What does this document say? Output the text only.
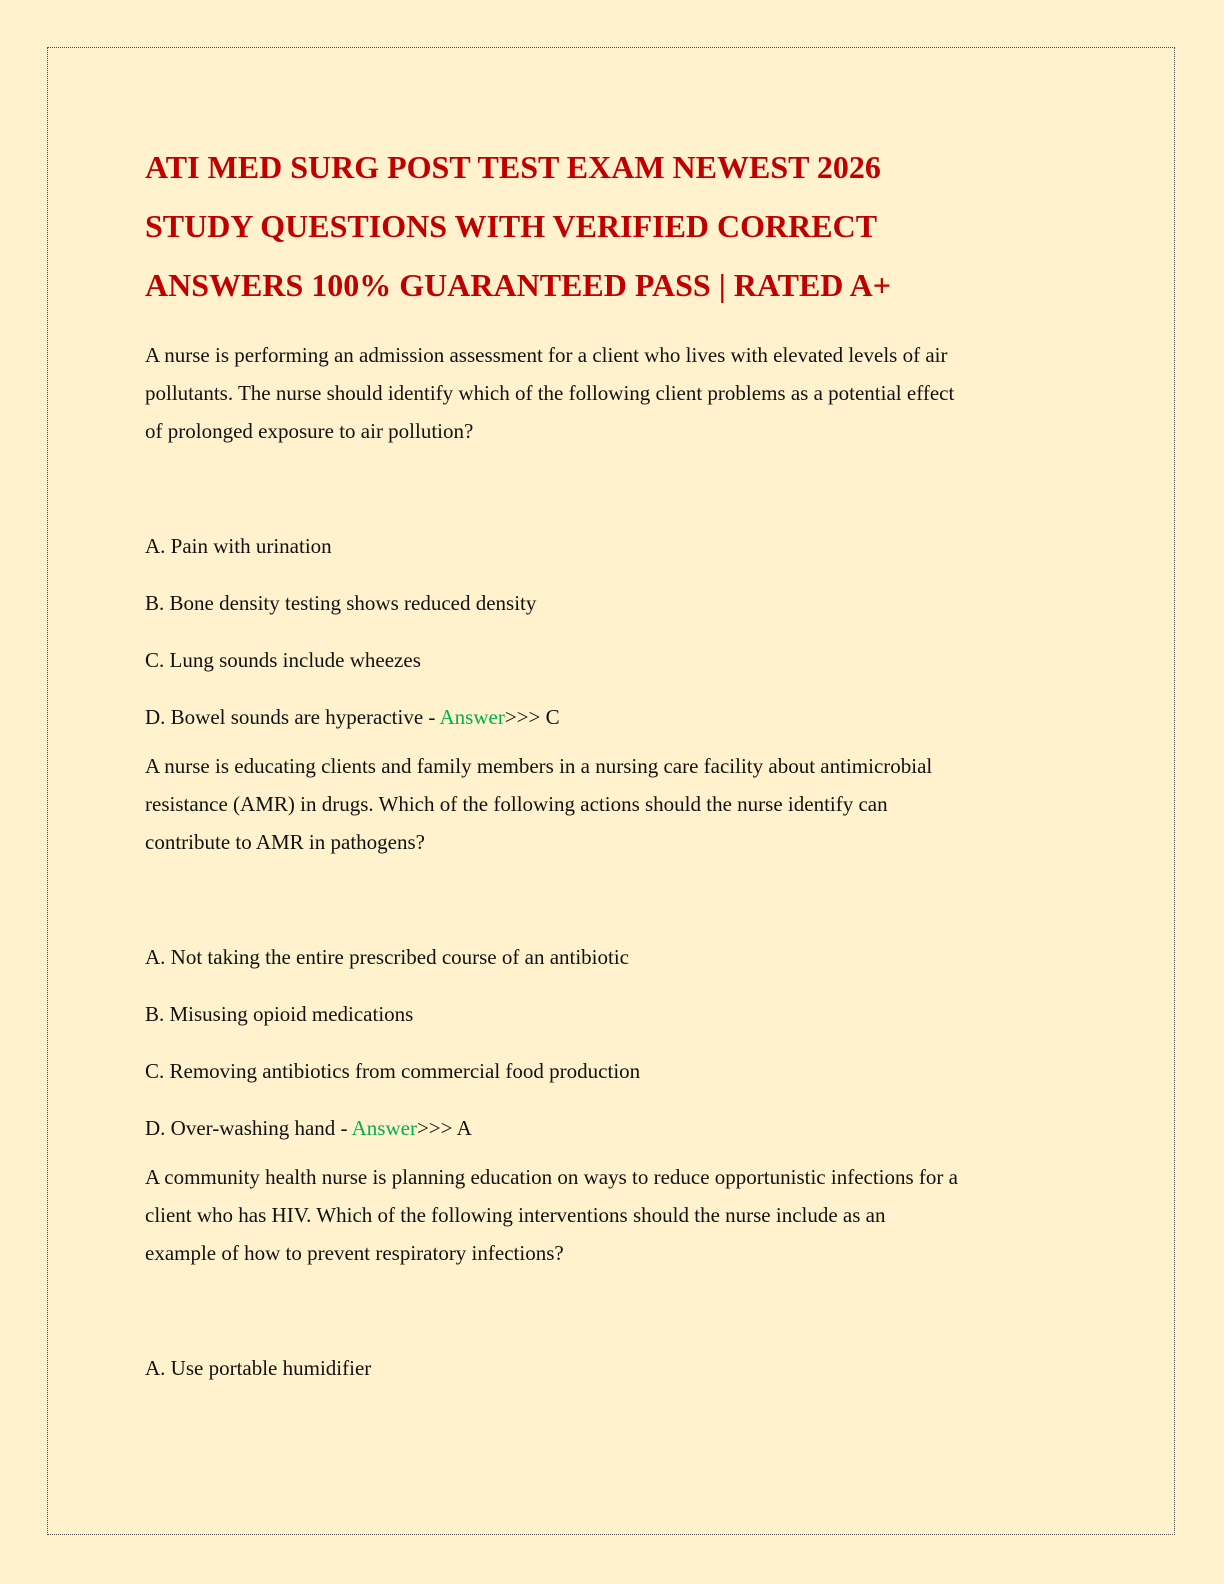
ATI MED SURG POST TEST EXAM NEWEST 2026
STUDY QUESTIONS WITH VERIFIED CORRECT
ANSWERS 100% GUARANTEED PASS | RATED A+

A nurse is performing an admission assessment for a client who lives with elevated levels of air
pollutants. The nurse should identify which of the following client problems as a potential effect
of prolonged exposure to air pollution?

A. Pain with urination

B. Bone density testing shows reduced density

C. Lung sounds include wheezes

D. Bowel sounds are hyperactive - Answer>>> C

A nurse is educating clients and family members in a nursing care facility about antimicrobial
resistance (AMR) in drugs. Which of the following actions should the nurse identify can
contribute to AMR in pathogens?

A. Not taking the entire prescribed course of an antibiotic

B. Misusing opioid medications

C. Removing antibiotics from commercial food production

D. Over-washing hand - Answer>>> A

A community health nurse is planning education on ways to reduce opportunistic infections for a
client who has HIV. Which of the following interventions should the nurse include as an
example of how to prevent respiratory infections?

A. Use portable humidifier
